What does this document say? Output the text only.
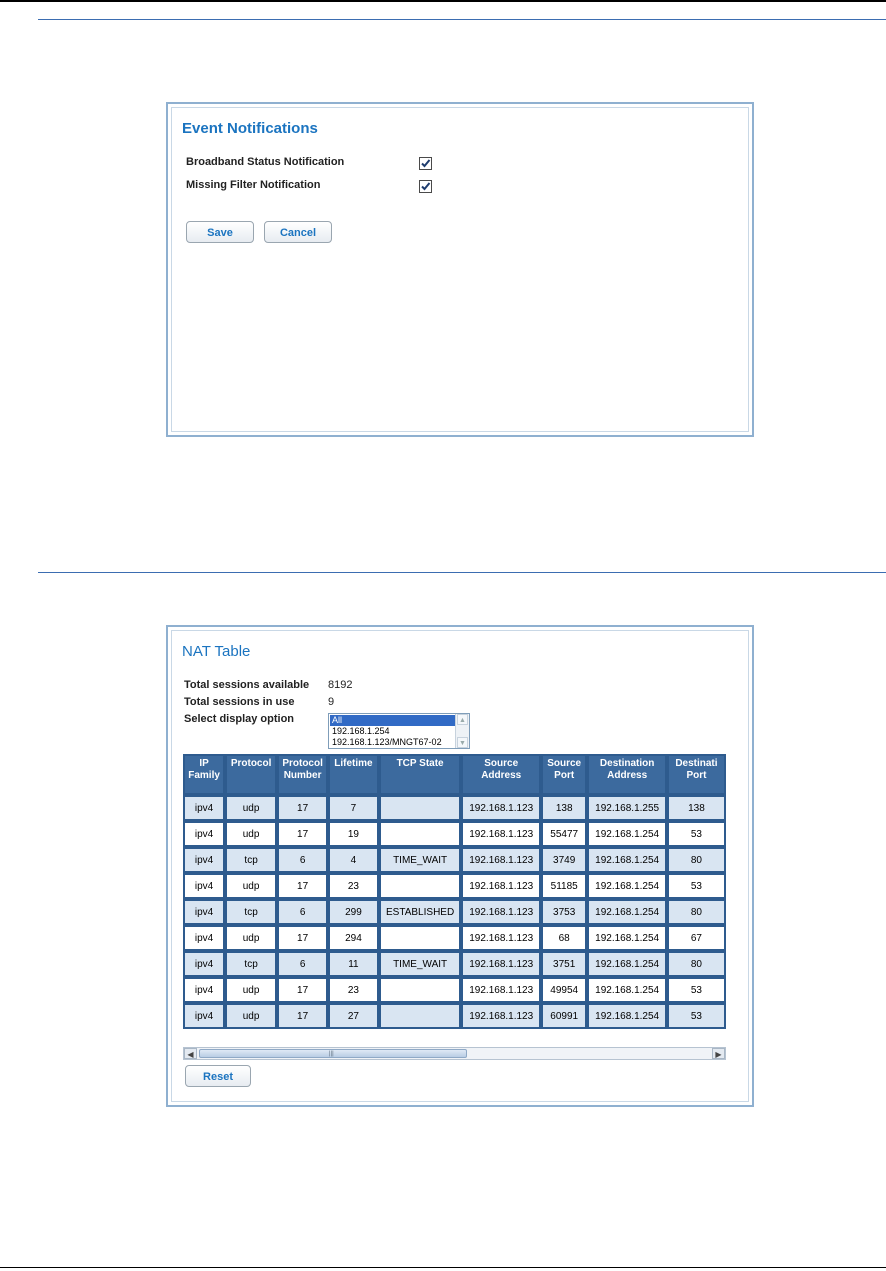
Event Notifications
Broadband Status Notification
Missing Filter Notification
Save	Cancel
NAT Table
Total sessions available 8192
Total sessions in use	9
Select display option	All
192.168.1.254
192.168.1.123/MNGT67-02
▲
▼
IP Family	Protocol	Protocol Number	Lifetime	TCP State	Source Address	Source Port	Destination Address	Destinati Port
ipv4	udp	17	7		192.168.1.123	138	192.168.1.255	138
ipv4	udp	17	19		192.168.1.123	55477	192.168.1.254	53
ipv4	tcp	6	4	TIME_WAIT	192.168.1.123	3749	192.168.1.254	80
ipv4	udp	17	23		192.168.1.123	51185	192.168.1.254	53
ipv4	tcp	6	299	ESTABLISHED	192.168.1.123	3753	192.168.1.254	80
ipv4	udp	17	294		192.168.1.123	68	192.168.1.254	67
ipv4	tcp	6	11	TIME_WAIT	192.168.1.123	3751	192.168.1.254	80
ipv4	udp	17	23		192.168.1.123	49954	192.168.1.254	53
ipv4	udp	17	27		192.168.1.123	60991	192.168.1.254	53
◀	|||	▶
Reset
